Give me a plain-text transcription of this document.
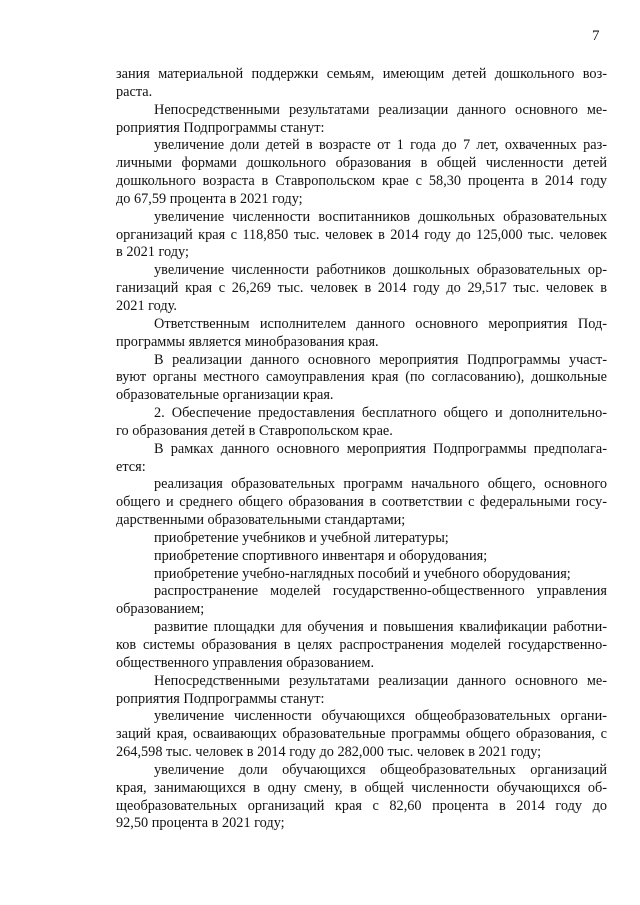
7
зания материальной поддержки семьям, имеющим детей дошкольного воз-
раста.
Непосредственными результатами реализации данного основного ме-
роприятия Подпрограммы станут:
увеличение доли детей в возрасте от 1 года до 7 лет, охваченных раз-
личными формами дошкольного образования в общей численности детей
дошкольного возраста в Ставропольском крае с 58,30 процента в 2014 году
до 67,59 процента в 2021 году;
увеличение численности воспитанников дошкольных образовательных
организаций края с 118,850 тыс. человек в 2014 году до 125,000 тыс. человек
в 2021 году;
увеличение численности работников дошкольных образовательных ор-
ганизаций края с 26,269 тыс. человек в 2014 году до 29,517 тыс. человек в
2021 году.
Ответственным исполнителем данного основного мероприятия Под-
программы является минобразования края.
В реализации данного основного мероприятия Подпрограммы участ-
вуют органы местного самоуправления края (по согласованию), дошкольные
образовательные организации края.
2. Обеспечение предоставления бесплатного общего и дополнительно-
го образования детей в Ставропольском крае.
В рамках данного основного мероприятия Подпрограммы предполага-
ется:
реализация образовательных программ начального общего, основного
общего и среднего общего образования в соответствии с федеральными госу-
дарственными образовательными стандартами;
приобретение учебников и учебной литературы;
приобретение спортивного инвентаря и оборудования;
приобретение учебно-наглядных пособий и учебного оборудования;
распространение моделей государственно-общественного управления
образованием;
развитие площадки для обучения и повышения квалификации работни-
ков системы образования в целях распространения моделей государственно-
общественного управления образованием.
Непосредственными результатами реализации данного основного ме-
роприятия Подпрограммы станут:
увеличение численности обучающихся общеобразовательных органи-
заций края, осваивающих образовательные программы общего образования, с
264,598 тыс. человек в 2014 году до 282,000 тыс. человек в 2021 году;
увеличение доли обучающихся общеобразовательных организаций
края, занимающихся в одну смену, в общей численности обучающихся об-
щеобразовательных организаций края с 82,60 процента в 2014 году до
92,50 процента в 2021 году;
